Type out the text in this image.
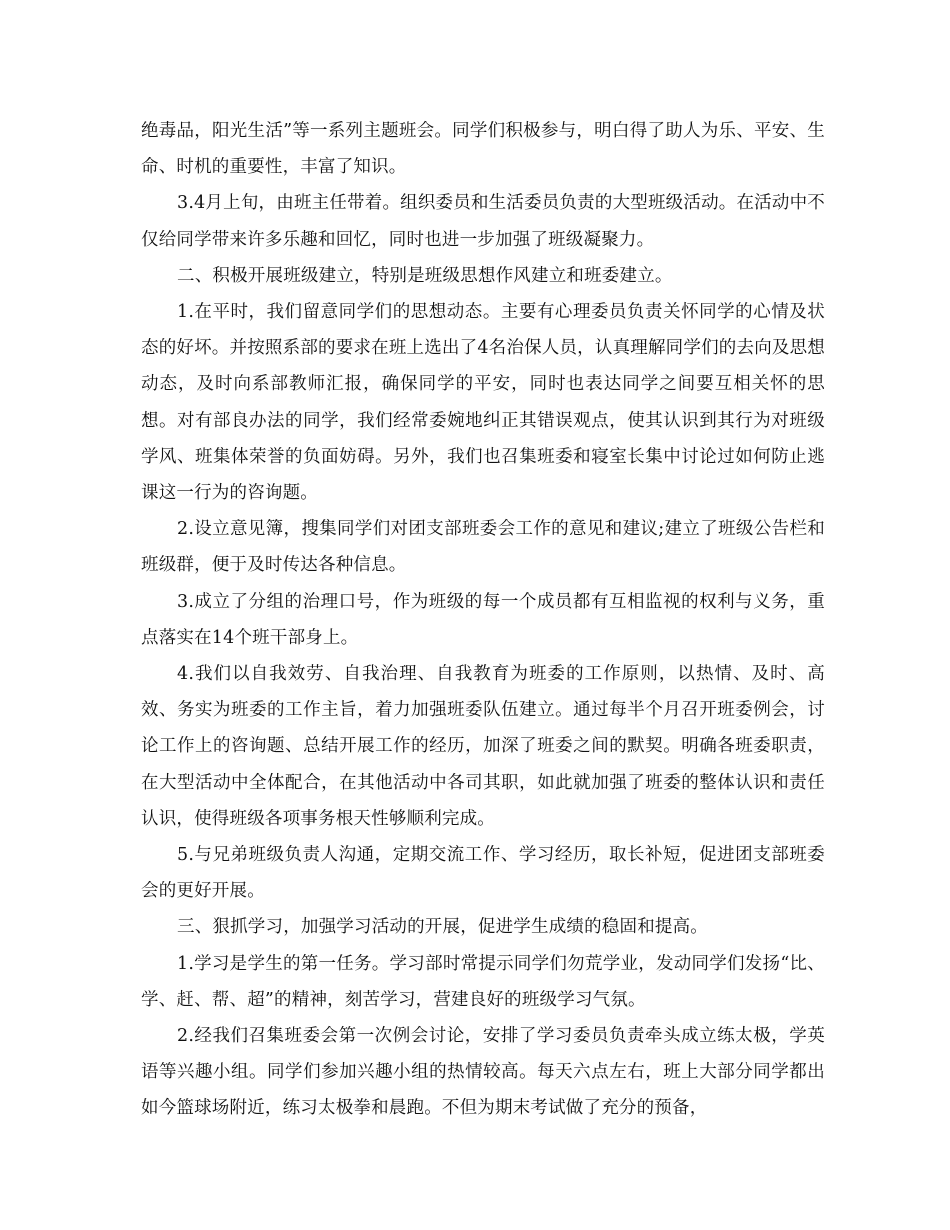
绝毒品，阳光生活”等一系列主题班会。同学们积极参与，明白得了助人为乐、平安、生命、时机的重要性，丰富了知识。

3.4月上旬，由班主任带着。组织委员和生活委员负责的大型班级活动。在活动中不仅给同学带来许多乐趣和回忆，同时也进一步加强了班级凝聚力。

二、积极开展班级建立，特别是班级思想作风建立和班委建立。

1.在平时，我们留意同学们的思想动态。主要有心理委员负责关怀同学的心情及状态的好坏。并按照系部的要求在班上选出了4名治保人员，认真理解同学们的去向及思想动态，及时向系部教师汇报，确保同学的平安，同时也表达同学之间要互相关怀的思想。对有部良办法的同学，我们经常委婉地纠正其错误观点，使其认识到其行为对班级学风、班集体荣誉的负面妨碍。另外，我们也召集班委和寝室长集中讨论过如何防止逃课这一行为的咨询题。

2.设立意见簿，搜集同学们对团支部班委会工作的意见和建议;建立了班级公告栏和班级群，便于及时传达各种信息。

3.成立了分组的治理口号，作为班级的每一个成员都有互相监视的权利与义务，重点落实在14个班干部身上。

4.我们以自我效劳、自我治理、自我教育为班委的工作原则，以热情、及时、高效、务实为班委的工作主旨，着力加强班委队伍建立。通过每半个月召开班委例会，讨论工作上的咨询题、总结开展工作的经历，加深了班委之间的默契。明确各班委职责，在大型活动中全体配合，在其他活动中各司其职，如此就加强了班委的整体认识和责任认识，使得班级各项事务根天性够顺利完成。

5.与兄弟班级负责人沟通，定期交流工作、学习经历，取长补短，促进团支部班委会的更好开展。

三、狠抓学习，加强学习活动的开展，促进学生成绩的稳固和提高。

1.学习是学生的第一任务。学习部时常提示同学们勿荒学业，发动同学们发扬“比、学、赶、帮、超”的精神，刻苦学习，营建良好的班级学习气氛。

2.经我们召集班委会第一次例会讨论，安排了学习委员负责牵头成立练太极，学英语等兴趣小组。同学们参加兴趣小组的热情较高。每天六点左右，班上大部分同学都出如今篮球场附近，练习太极拳和晨跑。不但为期末考试做了充分的预备，
